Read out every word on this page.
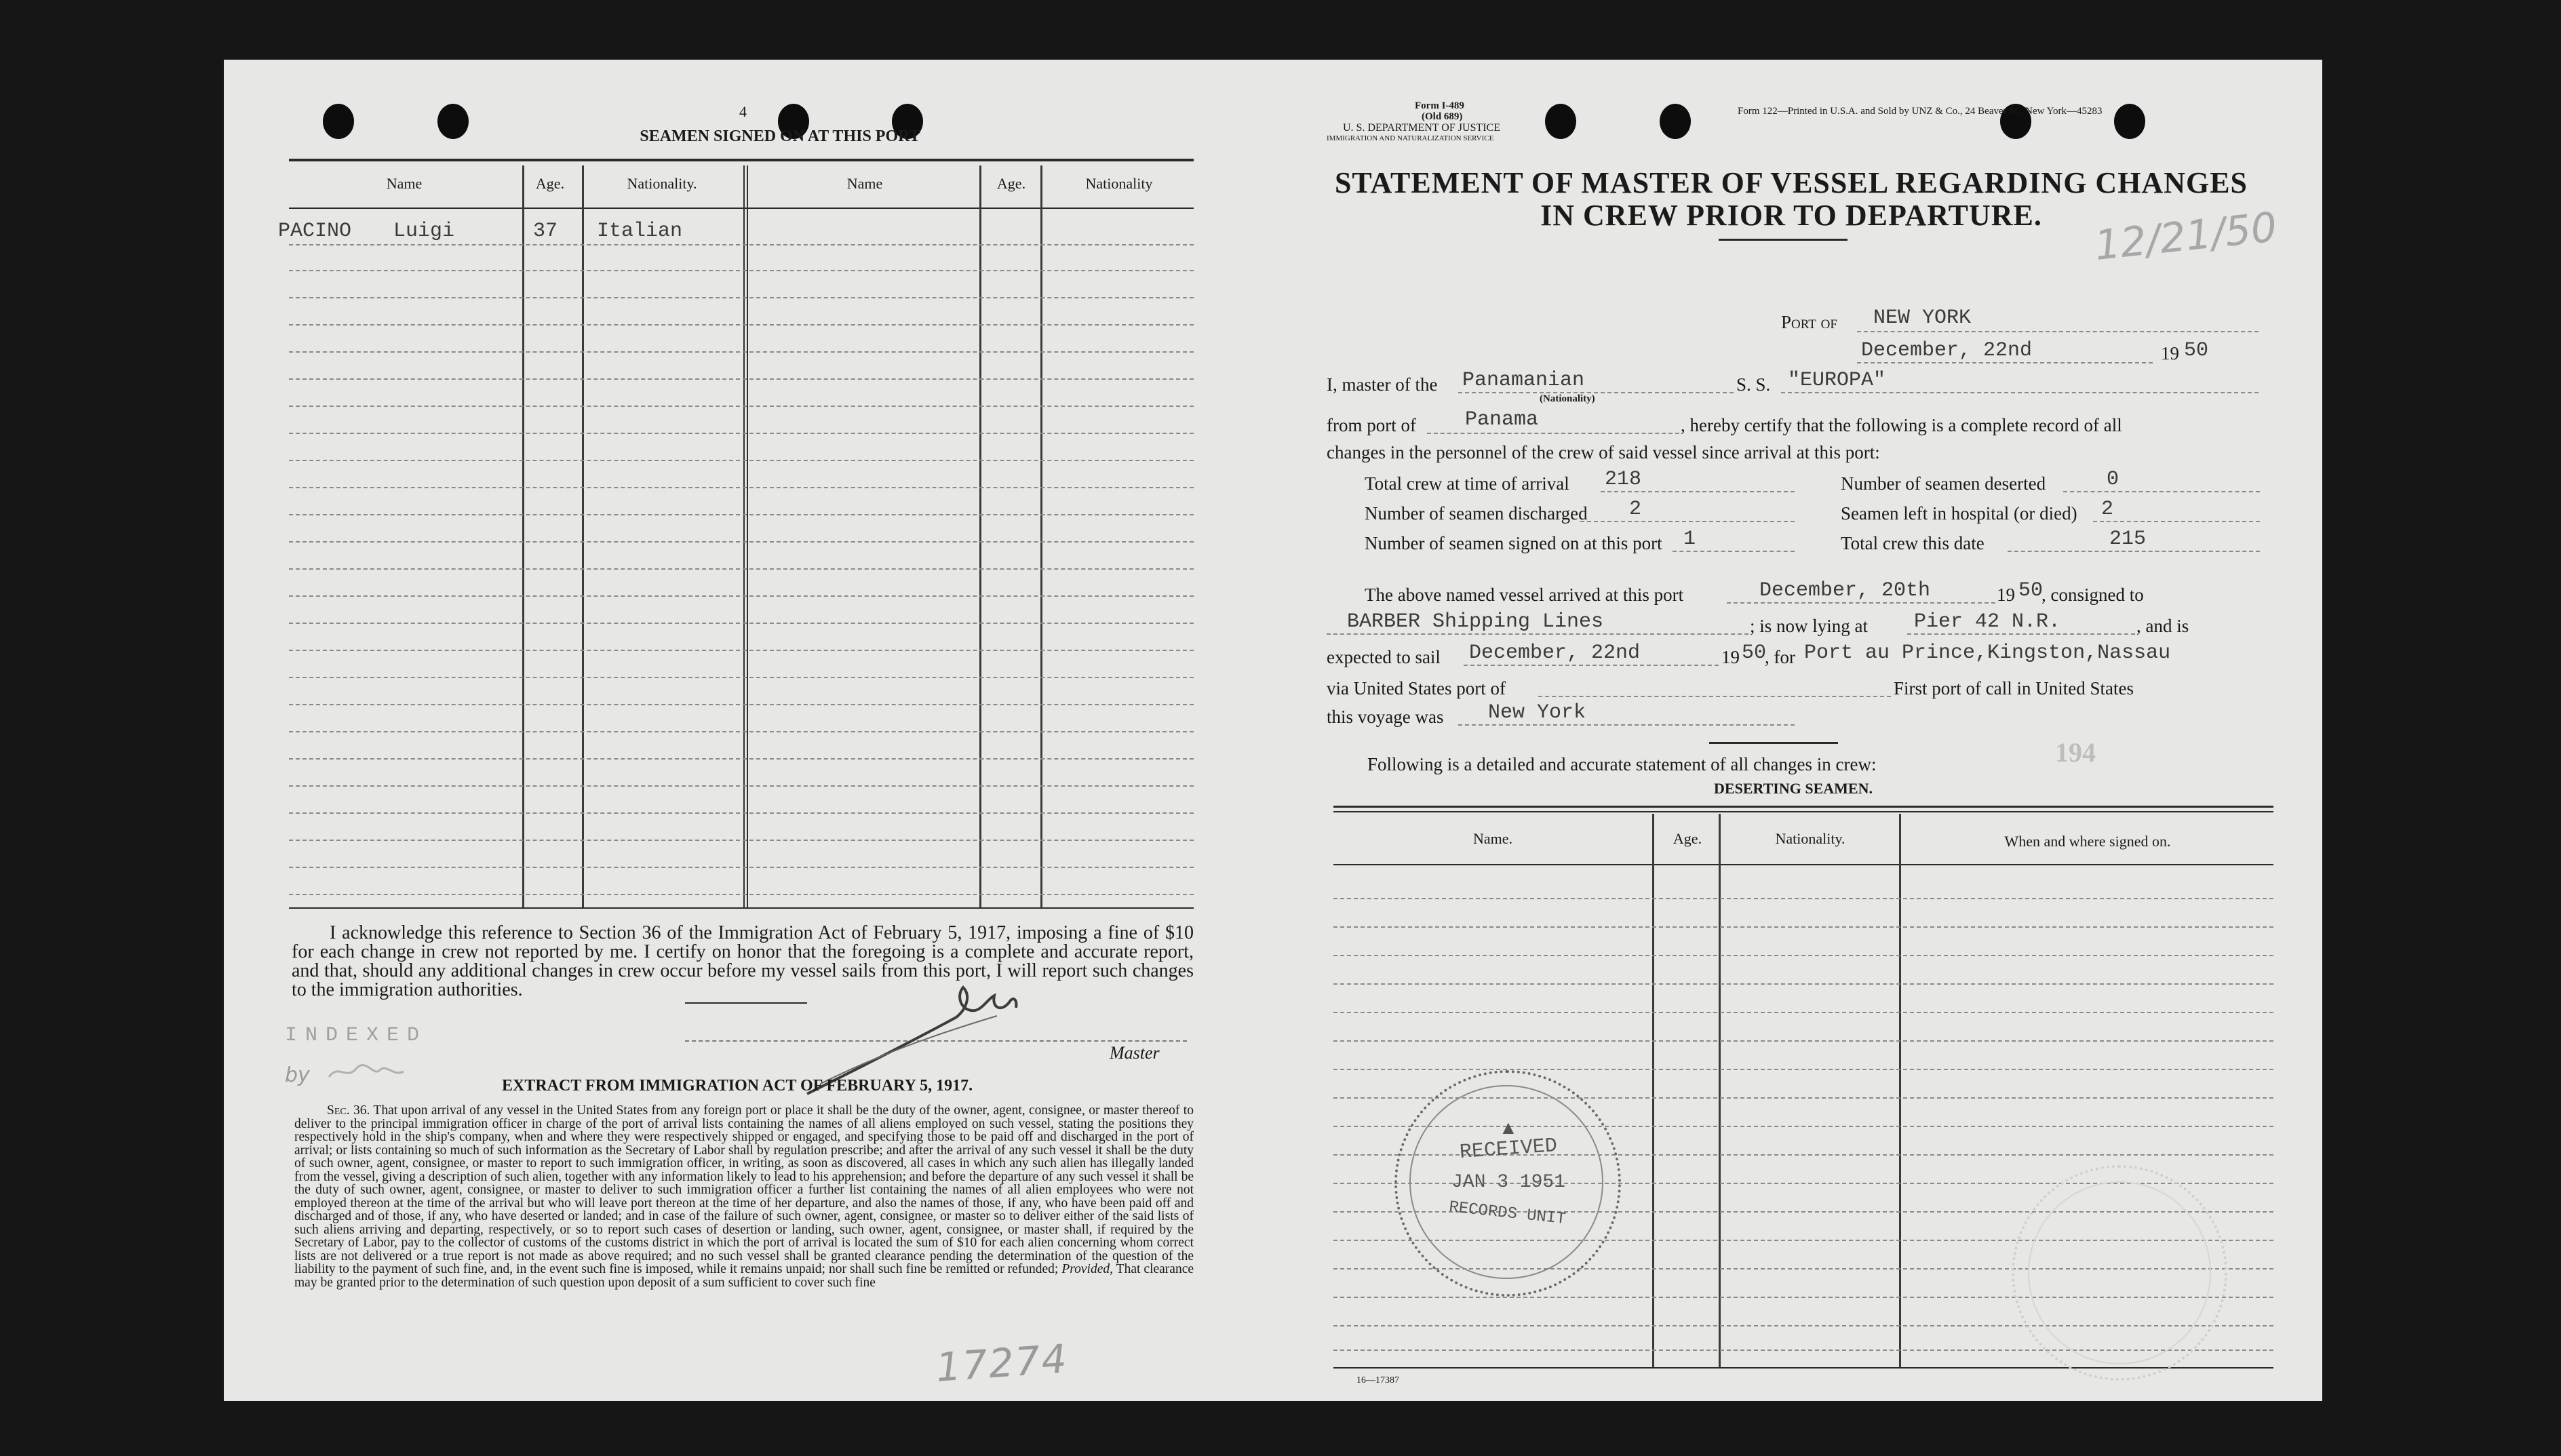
4
SEAMEN SIGNED ON AT THIS PORT
Name	Age.	Nationality.	Name	Age.	Nationality
PACINO Luigi	37 Italian
I acknowledge this reference to Section 36 of the Immigration Act of February 5, 1917, imposing a fine of $10 for each change in crew not reported by me. I certify on honor that the foregoing is a complete and accurate report, and that, should any additional changes in crew occur before my vessel sails from this port, I will report such changes to the immigration authorities.
INDEXED
by
Master
EXTRACT FROM IMMIGRATION ACT OF FEBRUARY 5, 1917.
Sec. 36. That upon arrival of any vessel in the United States from any foreign port or place it shall be the duty of the owner, agent, consignee, or master thereof to deliver to the principal immigration officer in charge of the port of arrival lists containing the names of all aliens employed on such vessel, stating the positions they respectively hold in the ship's company, when and where they were respectively shipped or engaged, and specifying those to be paid off and discharged in the port of arrival; or lists containing so much of such information as the Secretary of Labor shall by regulation prescribe; and after the arrival of any such vessel it shall be the duty of such owner, agent, consignee, or master to report to such immigration officer, in writing, as soon as discovered, all cases in which any such alien has illegally landed from the vessel, giving a description of such alien, together with any information likely to lead to his apprehension; and before the departure of any such vessel it shall be the duty of such owner, agent, consignee, or master to deliver to such immigration officer a further list containing the names of all alien employees who were not employed thereon at the time of the arrival but who will leave port thereon at the time of her departure, and also the names of those, if any, who have been paid off and discharged and of those, if any, who have deserted or landed; and in case of the failure of such owner, agent, consignee, or master so to deliver either of the said lists of such aliens arriving and departing, respectively, or so to report such cases of desertion or landing, such owner, agent, consignee, or master shall, if required by the Secretary of Labor, pay to the collector of customs of the customs district in which the port of arrival is located the sum of $10 for each alien concerning whom correct lists are not delivered or a true report is not made as above required; and no such vessel shall be granted clearance pending the determination of the question of the liability to the payment of such fine, and, in the event such fine is imposed, while it remains unpaid; nor shall such fine be remitted or refunded; Provided, That clearance may be granted prior to the determination of such question upon deposit of a sum sufficient to cover such fine
17274
Form I-489
(Old 689)
U. S. DEPARTMENT OF JUSTICE
IMMIGRATION AND NATURALIZATION SERVICE
Form 122—Printed in U.S.A. and Sold by UNZ & Co., 24 Beaver St., New York—45283
STATEMENT OF MASTER OF VESSEL REGARDING CHANGES
IN CREW PRIOR TO DEPARTURE.	12/21/50
Port of NEW YORK
December, 22nd	19 50
I, master of the Panamanian
(Nationality)
S. S. "EUROPA"
from port of Panama	, hereby certify that the following is a complete record of all
changes in the personnel of the crew of said vessel since arrival at this port:
Total crew at time of arrival 218	Number of seamen deserted	0
Number of seamen discharged 2	Seamen left in hospital (or died) 2
Number of seamen signed on at this port 1	Total crew this date	215
The above named vessel arrived at this port	December, 20th	19 50
, consigned to
BARBER Shipping Lines	; is now lying at Pier 42 N.R.	, and is
expected to sail December, 22nd	19 50
, for Port au Prince,Kingston,Nassau
via United States port of	First port of call in United States
this voyage was New York
194
Following is a detailed and accurate statement of all changes in crew:
DESERTING SEAMEN.
Name.	Age.	Nationality.	When and where signed on.
16—17387
▲
RECEIVED
JAN 3 1951
RECORDS UNIT
